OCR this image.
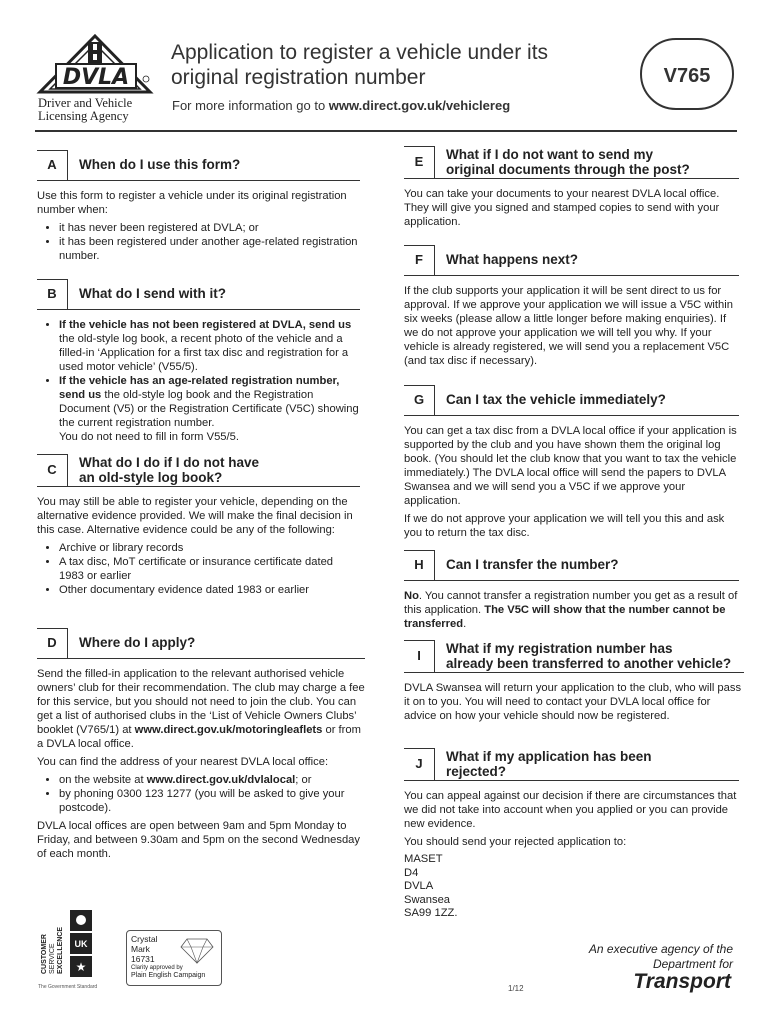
DVLA
Driver and Vehicle
Licensing Agency
Application to register a vehicle under its original registration number
For more information go to www.direct.gov.uk/vehiclereg
V765
A	When do I use this form?

Use this form to register a vehicle under its original registration number when:

• it has never been registered at DVLA; or
• it has been registered under another age-related registration number.
B	What do I send with it?
• If the vehicle has not been registered at DVLA, send us the old-style log book, a recent photo of the vehicle and a filled-in ‘Application for a first tax disc and registration for a used motor vehicle’ (V55/5).
• If the vehicle has an age-related registration number, send us the old-style log book and the Registration Document (V5) or the Registration Certificate (V5C) showing the current registration number.

You do not need to fill in form V55/5.

C	What do I do if I do not have
an old-style log book?

You may still be able to register your vehicle, depending on the alternative evidence provided. We will make the final decision in this case. Alternative evidence could be any of the following:

• Archive or library records
• A tax disc, MoT certificate or insurance certificate dated 1983 or earlier
• Other documentary evidence dated 1983 or earlier
D	Where do I apply?

Send the filled-in application to the relevant authorised vehicle owners’ club for their recommendation. The club may charge a fee for this service, but you should not need to join the club. You can get a list of authorised clubs in the ‘List of Vehicle Owners Clubs’ booklet (V765/1) at www.direct.gov.uk/motoringleaflets or from a DVLA local office.

You can find the address of your nearest DVLA local office:

• on the website at www.direct.gov.uk/dvlalocal; or
• by phoning 0300 123 1277 (you will be asked to give your postcode).

DVLA local offices are open between 9am and 5pm Monday to Friday, and between 9.30am and 5pm on the second Wednesday of each month.

E	What if I do not want to send my
original documents through the post?

You can take your documents to your nearest DVLA local office. They will give you signed and stamped copies to send with your application.

F	What happens next?

If the club supports your application it will be sent direct to us for approval. If we approve your application we will issue a V5C within six weeks (please allow a little longer before making enquiries). If we do not approve your application we will tell you why. If your vehicle is already registered, we will send you a replacement V5C (and tax disc if necessary).

G	Can I tax the vehicle immediately?

You can get a tax disc from a DVLA local office if your application is supported by the club and you have shown them the original log book. (You should let the club know that you want to tax the vehicle immediately.) The DVLA local office will send the papers to DVLA Swansea and we will send you a V5C if we approve your application.

If we do not approve your application we will tell you this and ask you to return the tax disc.

H	Can I transfer the number?

No. You cannot transfer a registration number you get as a result of this application. The V5C will show that the number cannot be transferred.

I	What if my registration number has
already been transferred to another vehicle?

DVLA Swansea will return your application to the club, who will pass it on to you. You will need to contact your DVLA local office for advice on how your vehicle should now be registered.

J	What if my application has been
rejected?

You can appeal against our decision if there are circumstances that we did not take into account when you applied or you can provide new evidence.

You should send your rejected application to:

MASET
D4
DVLA
Swansea
SA99 1ZZ.
CUSTOMER SERVICE EXCELLENCE UK
★
The Government Standard
Crystal
Mark
16731
Clarity approved by
Plain English Campaign
An executive agency of the
Department for
Transport
1/12
